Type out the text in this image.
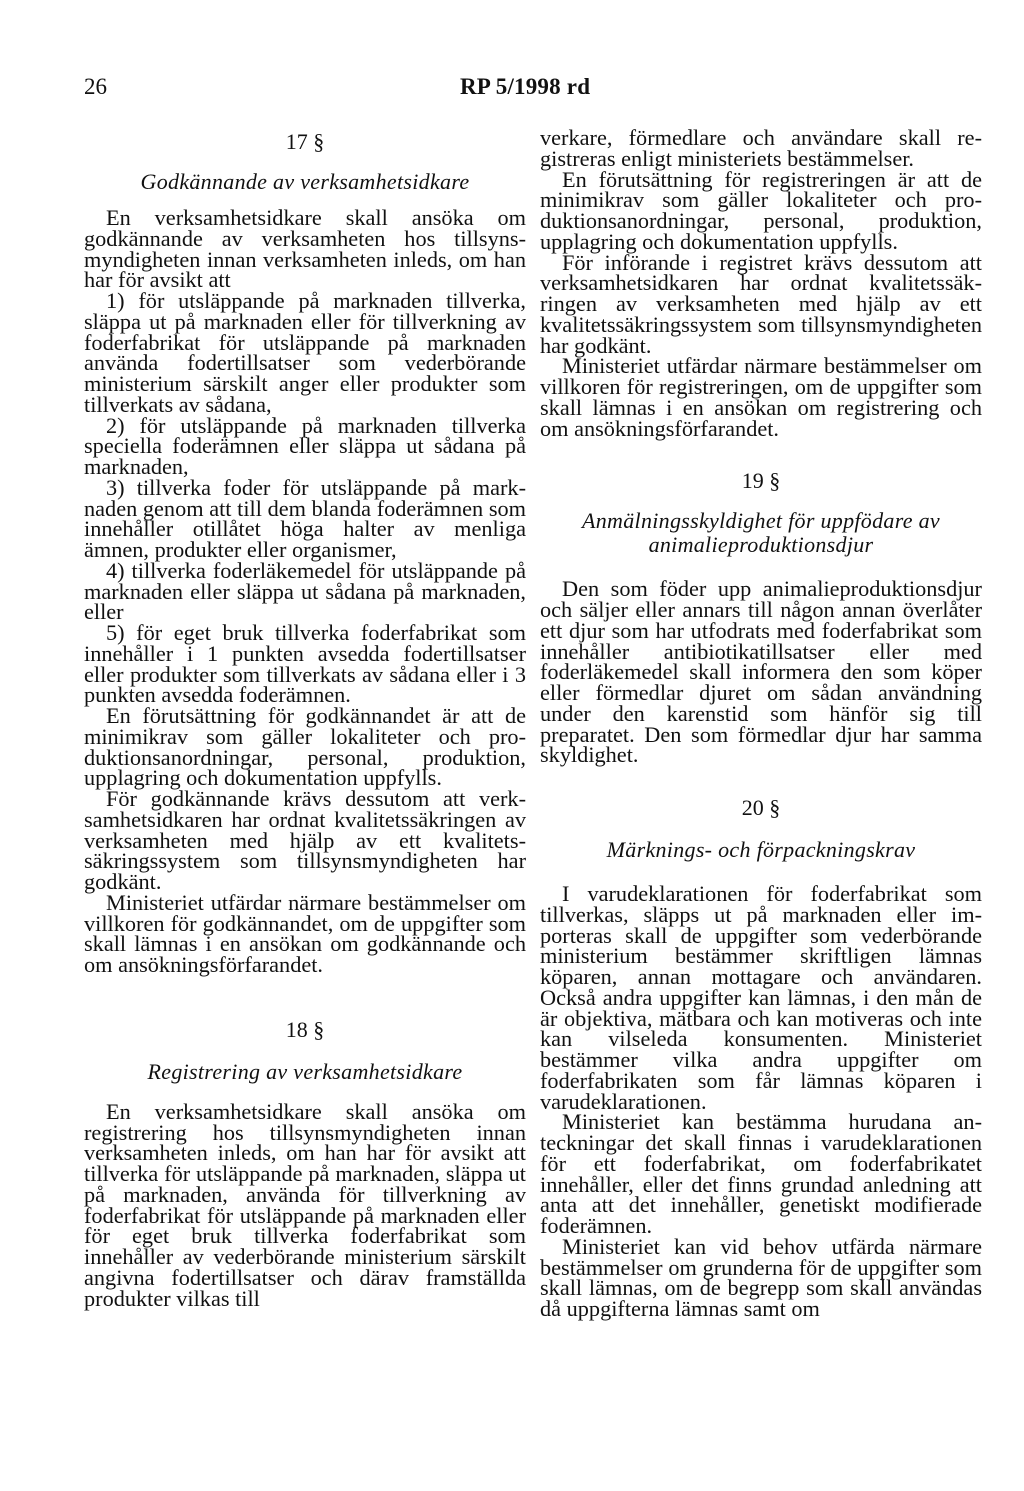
26	RP 5/1998 rd
17 §
Godkännande av verksamhetsidkare

En verksamhetsidkare skall ansöka om godkännande av verksamheten hos tillsynsmyndigheten innan verksamheten inleds, om han har för avsikt att

1) för utsläppande på marknaden tillverka, släppa ut på marknaden eller för tillverkning av foderfabrikat för utsläppande på marknaden använda fodertillsatser som vederbörande ministerium särskilt anger eller produkter som tillverkats av sådana,

2) för utsläppande på marknaden tillverka speciella foderämnen eller släppa ut sådana på marknaden,

3) tillverka foder för utsläppande på marknaden genom att till dem blanda foderämnen som innehåller otillåtet höga halter av menliga ämnen, produkter eller organismer,

4) tillverka foderläkemedel för utsläppande på marknaden eller släppa ut sådana på marknaden, eller

5) för eget bruk tillverka foderfabrikat som innehåller i 1 punkten avsedda fodertillsatser eller produkter som tillverkats av sådana eller i 3 punkten avsedda foderämnen.

En förutsättning för godkännandet är att de minimikrav som gäller lokaliteter och produktionsanordningar, personal, produktion, upplagring och dokumentation uppfylls.

För godkännande krävs dessutom att verksamhetsidkaren har ordnat kvalitetssäkringen av verksamheten med hjälp av ett kvalitetssäkringssystem som tillsynsmyndigheten har godkänt.

Ministeriet utfärdar närmare bestämmelser om villkoren för godkännandet, om de uppgifter som skall lämnas i en ansökan om godkännande och om ansökningsförfarandet.

18 §
Registrering av verksamhetsidkare

En verksamhetsidkare skall ansöka om registrering hos tillsynsmyndigheten innan verksamheten inleds, om han har för avsikt att tillverka för utsläppande på marknaden, släppa ut på marknaden, använda för tillverkning av foderfabrikat för utsläppande på marknaden eller för eget bruk tillverka foderfabrikat som innehåller av vederbörande ministerium särskilt angivna fodertillsatser och därav framställda produkter vilkas till

verkare, förmedlare och användare skall registreras enligt ministeriets bestämmelser.

En förutsättning för registreringen är att de minimikrav som gäller lokaliteter och produktionsanordningar, personal, produktion, upplagring och dokumentation uppfylls.

För införande i registret krävs dessutom att verksamhetsidkaren har ordnat kvalitetssäkringen av verksamheten med hjälp av ett kvalitetssäkringssystem som tillsynsmyndigheten har godkänt.

Ministeriet utfärdar närmare bestämmelser om villkoren för registreringen, om de uppgifter som skall lämnas i en ansökan om registrering och om ansökningsförfarandet.

19 §
Anmälningsskyldighet för uppfödare av animalieproduktionsdjur

Den som föder upp animalieproduktionsdjur och säljer eller annars till någon annan överlåter ett djur som har utfodrats med foderfabrikat som innehåller antibiotikatillsatser eller med foderläkemedel skall informera den som köper eller förmedlar djuret om sådan användning under den karenstid som hänför sig till preparatet. Den som förmedlar djur har samma skyldighet.

20 §
Märknings- och förpackningskrav

I varudeklarationen för foderfabrikat som tillverkas, släpps ut på marknaden eller importeras skall de uppgifter som vederbörande ministerium bestämmer skriftligen lämnas köparen, annan mottagare och användaren. Också andra uppgifter kan lämnas, i den mån de är objektiva, mätbara och kan motiveras och inte kan vilseleda konsumenten. Ministeriet bestämmer vilka andra uppgifter om foderfabrikaten som får lämnas köparen i varudeklarationen.

Ministeriet kan bestämma hurudana anteckningar det skall finnas i varudeklarationen för ett foderfabrikat, om foderfabrikatet innehåller, eller det finns grundad anledning att anta att det innehåller, genetiskt modifierade foderämnen.

Ministeriet kan vid behov utfärda närmare bestämmelser om grunderna för de uppgifter som skall lämnas, om de begrepp som skall användas då uppgifterna lämnas samt om
